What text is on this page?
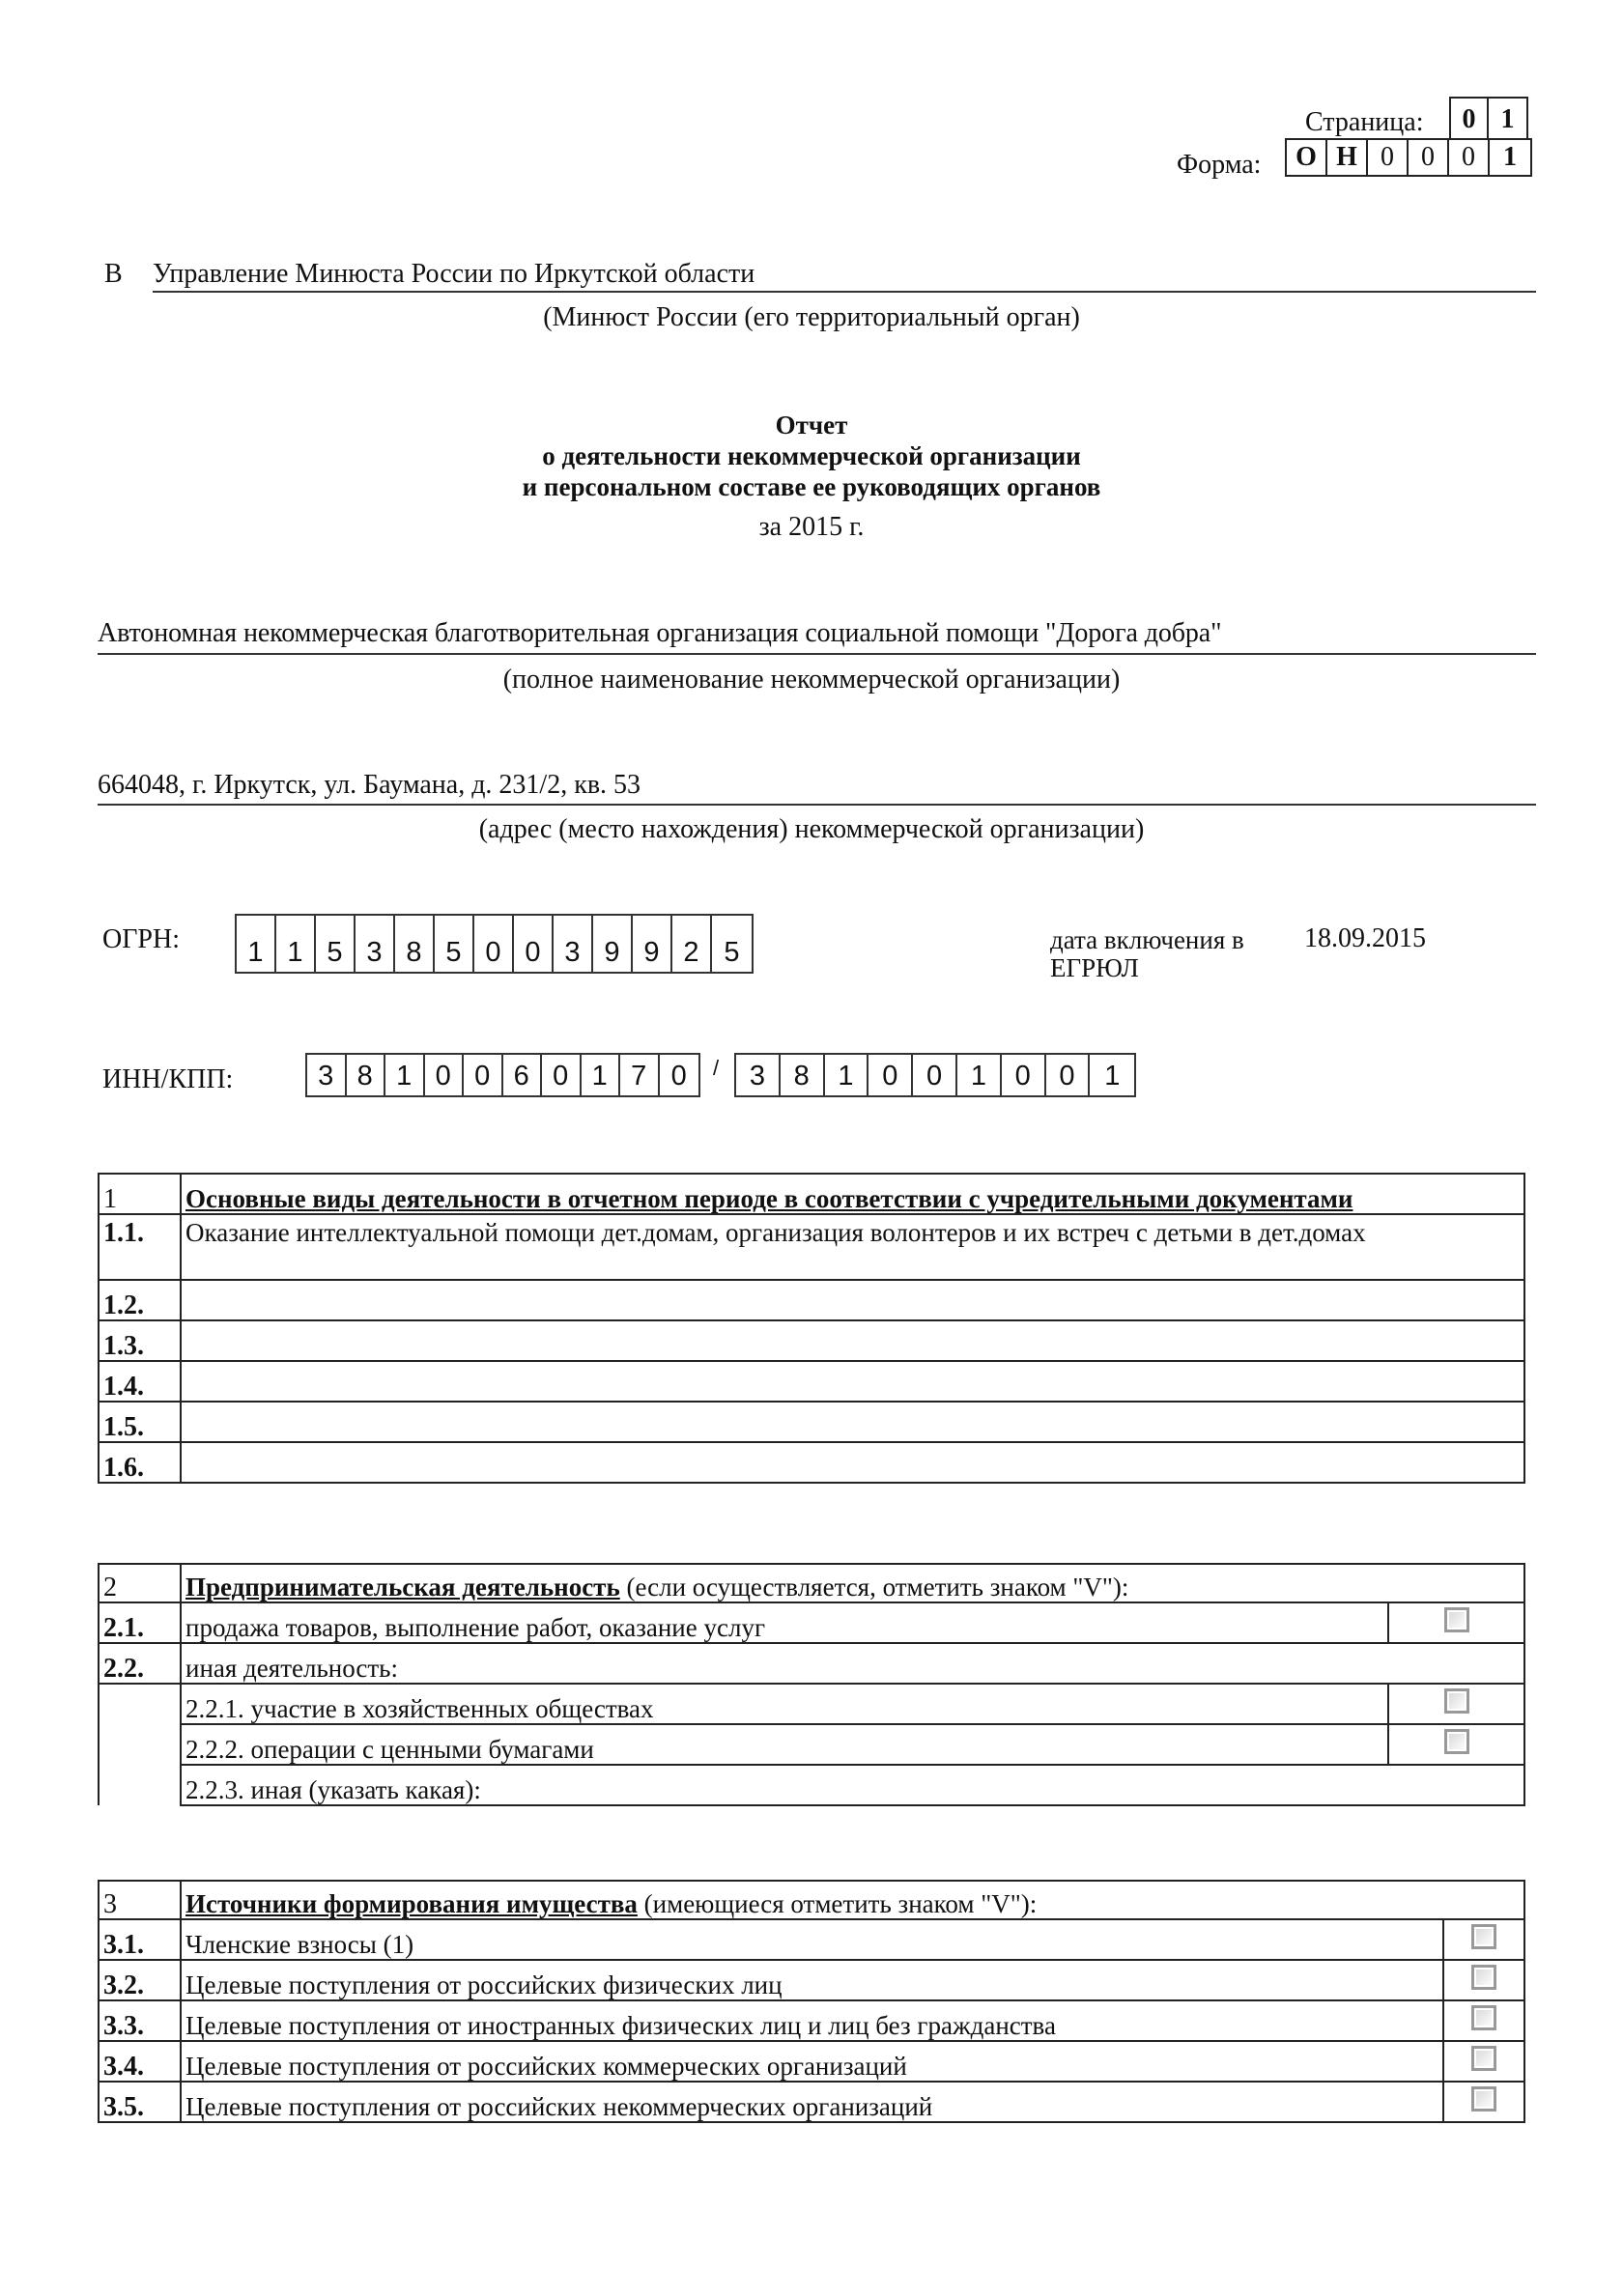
Страница:	0 1
Форма:	О Н 0	0	0	1
В Управление Минюста России по Иркутской области
(Минюст России (его территориальный орган)
Отчет
о деятельности некоммерческой организации
и персональном составе ее руководящих органов
за 2015 г.
Автономная некоммерческая благотворительная организация социальной помощи "Дорога добра"
(полное наименование некоммерческой организации)
664048, г. Иркутск, ул. Баумана, д. 231/2, кв. 53
(адрес (место нахождения) некоммерческой организации)
ОГРН:	1 1 5 3 8 5 0 0 3 9 9 2 5	дата включения в
ЕГРЮЛ
18.09.2015
ИНН/КПП:	3 8 1 0 0 6 0 1 7 0	/	3	8	1	0	0	1	0	0	1
1	Основные виды деятельности в отчетном периоде в соответствии с учредительными документами
1.1.	Оказание интеллектуальной помощи дет.домам, организация волонтеров и их встреч с детьми в дет.домах
1.2.	
1.3.	
1.4.	
1.5.	
1.6.	
2	Предпринимательская деятельность (если осуществляется, отметить знаком "V"):	
2.1.	продажа товаров, выполнение работ, оказание услуг	
2.2.	иная деятельность:	
	2.2.1. участие в хозяйственных обществах	
	2.2.2. операции с ценными бумагами	
	2.2.3. иная (указать какая):	
3	Источники формирования имущества (имеющиеся отметить знаком "V"):	
3.1.	Членские взносы (1)	
3.2.	Целевые поступления от российских физических лиц	
3.3.	Целевые поступления от иностранных физических лиц и лиц без гражданства	
3.4.	Целевые поступления от российских коммерческих организаций	
3.5.	Целевые поступления от российских некоммерческих организаций	
